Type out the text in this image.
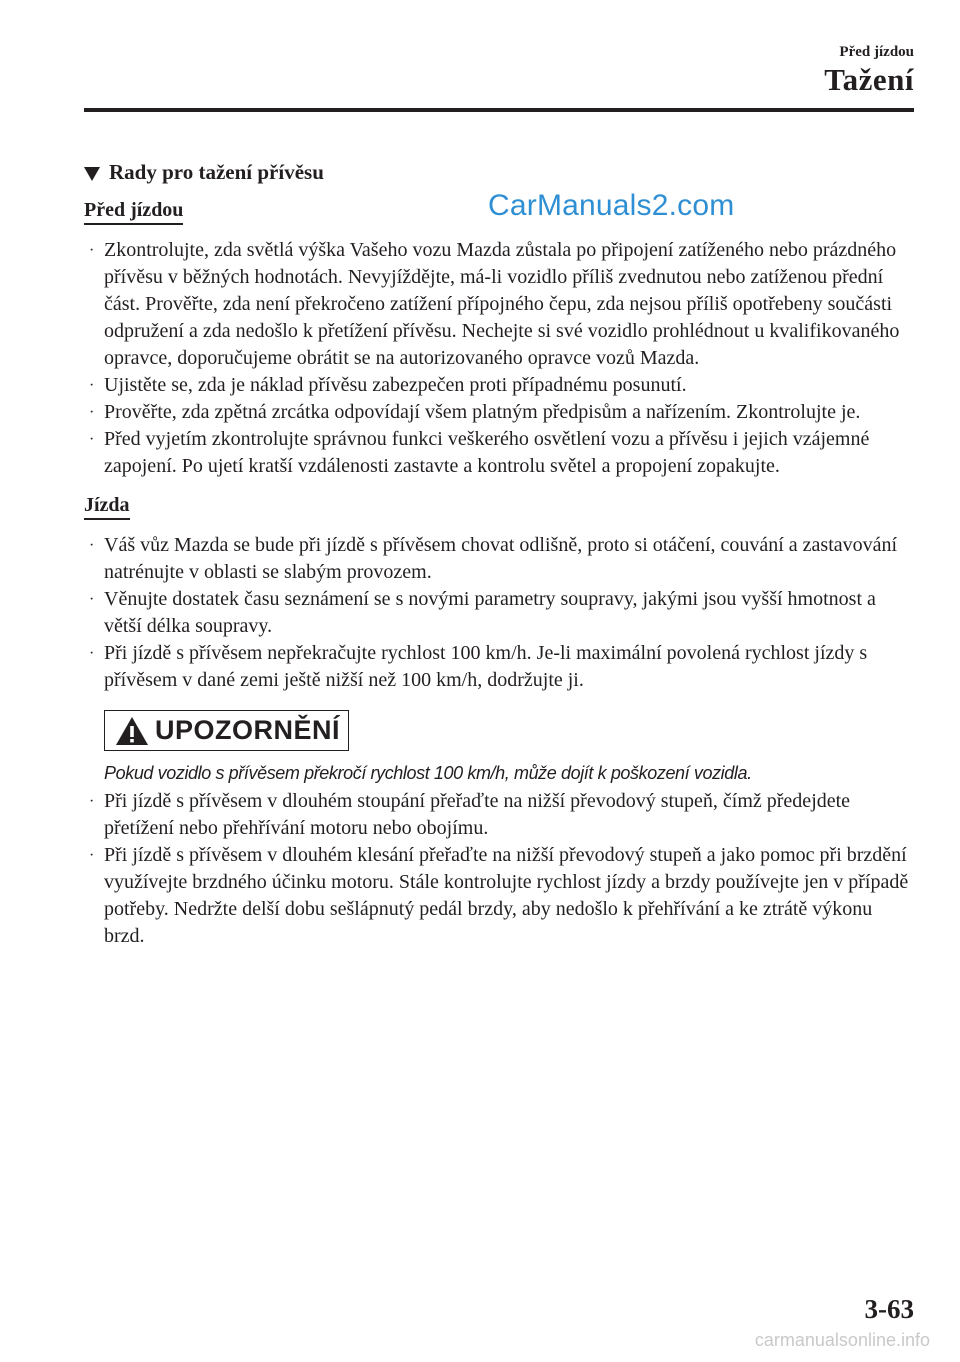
Před jízdou
Tažení
CarManuals2.com
Rady pro tažení přívěsu
Před jízdou
· Zkontrolujte, zda světlá výška Vašeho vozu Mazda zůstala po připojení zatíženého nebo prázdného přívěsu v běžných hodnotách. Nevyjíždějte, má-li vozidlo příliš zvednutou nebo zatíženou přední část. Prověřte, zda není překročeno zatížení přípojného čepu, zda nejsou příliš opotřebeny součásti odpružení a zda nedošlo k přetížení přívěsu. Nechejte si své vozidlo prohlédnout u kvalifikovaného opravce, doporučujeme obrátit se na autorizovaného opravce vozů Mazda.
· Ujistěte se, zda je náklad přívěsu zabezpečen proti případnému posunutí.
· Prověřte, zda zpětná zrcátka odpovídají všem platným předpisům a nařízením. Zkontrolujte je.
· Před vyjetím zkontrolujte správnou funkci veškerého osvětlení vozu a přívěsu i jejich vzájemné zapojení. Po ujetí kratší vzdálenosti zastavte a kontrolu světel a propojení zopakujte.
Jízda
· Váš vůz Mazda se bude při jízdě s přívěsem chovat odlišně, proto si otáčení, couvání a zastavování natrénujte v oblasti se slabým provozem.
· Věnujte dostatek času seznámení se s novými parametry soupravy, jakými jsou vyšší hmotnost a větší délka soupravy.
· Při jízdě s přívěsem nepřekračujte rychlost 100 km/h. Je-li maximální povolená rychlost jízdy s přívěsem v dané zemi ještě nižší než 100 km/h, dodržujte ji.
UPOZORNĚNÍ
Pokud vozidlo s přívěsem překročí rychlost 100 km/h, může dojít k poškození vozidla.
· Při jízdě s přívěsem v dlouhém stoupání přeřaďte na nižší převodový stupeň, čímž předejdete přetížení nebo přehřívání motoru nebo obojímu.
· Při jízdě s přívěsem v dlouhém klesání přeřaďte na nižší převodový stupeň a jako pomoc při brzdění využívejte brzdného účinku motoru. Stále kontrolujte rychlost jízdy a brzdy používejte jen v případě potřeby. Nedržte delší dobu sešlápnutý pedál brzdy, aby nedošlo k přehřívání a ke ztrátě výkonu brzd.
3-63
carmanualsonline.info
